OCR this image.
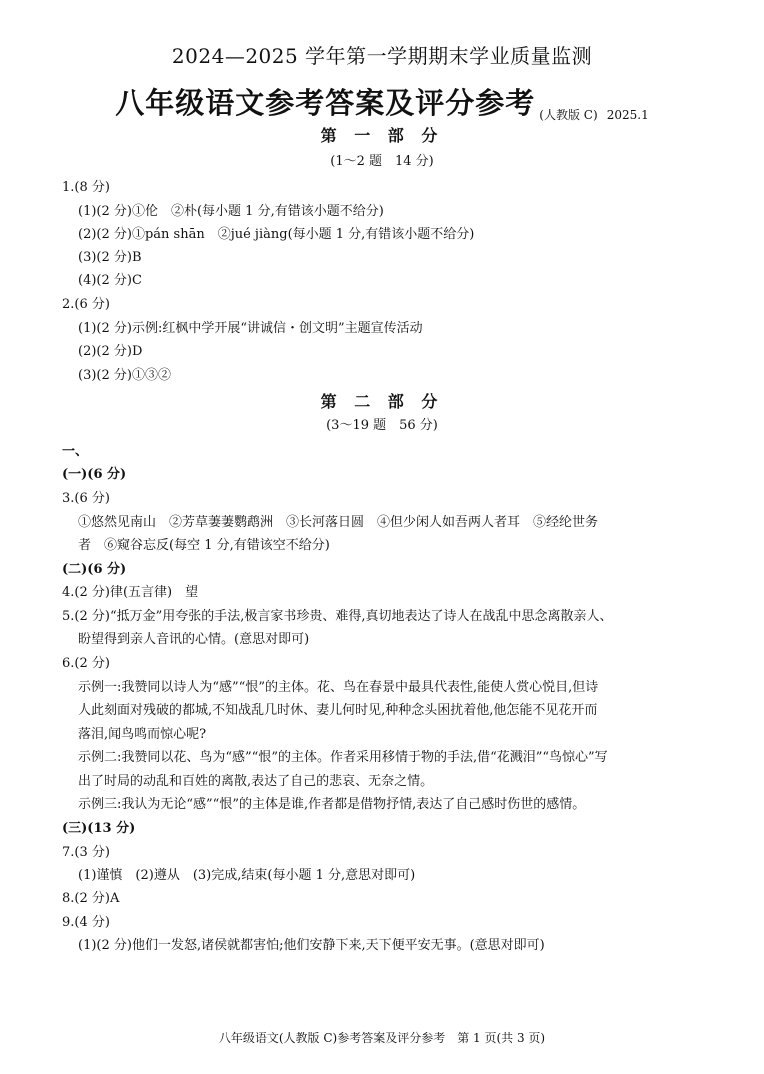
2024—2025 学年第一学期期末学业质量监测
八年级语文参考答案及评分参考 $_{(人教版 C)}$ $_{2025.1}$
第 一 部 分
(1～2 题　14 分)
1.(8 分)
(1)(2 分)①伦　②朴(每小题 1 分,有错该小题不给分)
(2)(2 分)①pán shān　②jué jiàng(每小题 1 分,有错该小题不给分)
(3)(2 分)B
(4)(2 分)C
2.(6 分)
(1)(2 分)示例:红枫中学开展“讲诚信・创文明”主题宣传活动
(2)(2 分)D
(3)(2 分)①③②
第 二 部 分
(3～19 题　56 分)
一、
(一)(6 分)
3.(6 分)
①悠然见南山　②芳草萋萋鹦鹉洲　③长河落日圆　④但少闲人如吾两人者耳　⑤经纶世务
者　⑥窥谷忘反(每空 1 分,有错该空不给分)
(二)(6 分)
4.(2 分)律(五言律)　望
5.(2 分)“抵万金”用夸张的手法,极言家书珍贵、难得,真切地表达了诗人在战乱中思念离散亲人、
盼望得到亲人音讯的心情。(意思对即可)
6.(2 分)
示例一:我赞同以诗人为“感”“恨”的主体。花、鸟在春景中最具代表性,能使人赏心悦目,但诗
人此刻面对残破的都城,不知战乱几时休、妻儿何时见,种种念头困扰着他,他怎能不见花开而
落泪,闻鸟鸣而惊心呢?
示例二:我赞同以花、鸟为“感”“恨”的主体。作者采用移情于物的手法,借“花溅泪”“鸟惊心”写
出了时局的动乱和百姓的离散,表达了自己的悲哀、无奈之情。
示例三:我认为无论“感”“恨”的主体是谁,作者都是借物抒情,表达了自己感时伤世的感情。
(三)(13 分)
7.(3 分)
(1)谨慎　(2)遵从　(3)完成,结束(每小题 1 分,意思对即可)
8.(2 分)A
9.(4 分)
(1)(2 分)他们一发怒,诸侯就都害怕;他们安静下来,天下便平安无事。(意思对即可)
八年级语文(人教版 C)参考答案及评分参考　第 1 页(共 3 页)
